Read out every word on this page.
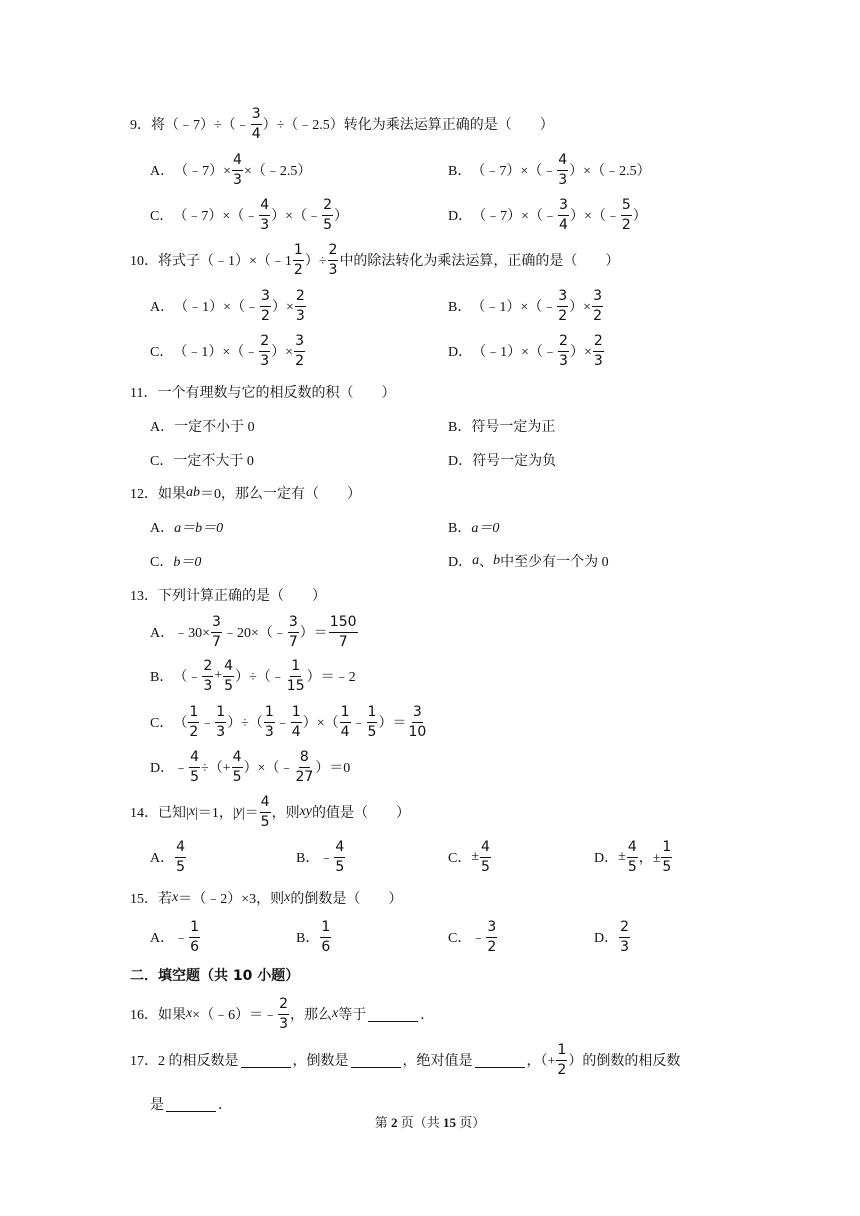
9． 将（﹣7）÷（﹣ $\frac{3}{4}$ ）÷（﹣2.5）转化为乘法运算正确的是（　　）
A． （﹣7）× $\frac{4}{3}$ ×（﹣2.5）	B． （﹣7）×（﹣ $\frac{4}{3}$ ）×（﹣2.5）
C． （﹣7）×（﹣ $\frac{4}{3}$ ）×（﹣ $\frac{2}{5}$ ）	D． （﹣7）×（﹣ $\frac{3}{4}$ ）×（﹣ $\frac{5}{2}$ ）
10． 将式子（﹣1）×（﹣1 $\frac{1}{2}$ ）÷ $\frac{2}{3}$ 中的除法转化为乘法运算，正确的是（　　）
A． （﹣1）×（﹣ $\frac{3}{2}$ ）× $\frac{2}{3}$	B． （﹣1）×（﹣ $\frac{3}{2}$ ）× $\frac{3}{2}$
C． （﹣1）×（﹣ $\frac{2}{3}$ ）× $\frac{3}{2}$	D． （﹣1）×（﹣ $\frac{2}{3}$ ）× $\frac{2}{3}$
11． 一个有理数与它的相反数的积（　　）
A．一定不小于 0	B．符号一定为正
C．一定不大于 0	D．符号一定为负
12． 如果 ab ＝0，那么一定有（　　）
A． a＝b＝0	B． a＝0
C． b＝0	D． a 、 b 中至少有一个为 0
13． 下列计算正确的是（　　）
A． ﹣30× $\frac{3}{7}$ ﹣20×（﹣ $\frac{3}{7}$ ）＝ $\frac{150}{7}$
B． （﹣ $\frac{2}{3} + \frac{4}{5}$ ）÷（﹣ $\frac{1}{15}$ ）＝﹣2
C． （ $\frac{1}{2}$ ﹣ $\frac{1}{3}$ ）÷（ $\frac{1}{3}$ ﹣ $\frac{1}{4}$ ）×（ $\frac{1}{4}$ ﹣ $\frac{1}{5}$ ）＝ $\frac{3}{10}$
D． ﹣ $\frac{4}{5}$ ÷（+ $\frac{4}{5}$ ）×（﹣ $\frac{8}{27} )=0$
14． 已知| x |＝1，| y |＝ $\frac{4}{5}$ ，则 xy 的值是（　　）
A． $\frac{4}{5}$	B． ﹣ $\frac{4}{5}$	C． ± $\frac{4}{5}$	D． ± $\frac{4}{5}$ ，± $\frac{1}{5}$
15． 若 x ＝（﹣2）×3，则 x 的倒数是（　　）
A． ﹣ $\frac{1}{6}$	B． $\frac{1}{6}$	C． ﹣ $\frac{3}{2}$	D． $\frac{2}{3}$
二．填空题（共 10 小题）
16． 如果 x ×（﹣6）＝﹣ $\frac{2}{3}$ ，那么 x 等于	．
17． 2 的相反数是	，倒数是	，绝对值是	，（+ $\frac{1}{2}$ ）的倒数的相反数
是	．
第 2 页（共 15 页）
